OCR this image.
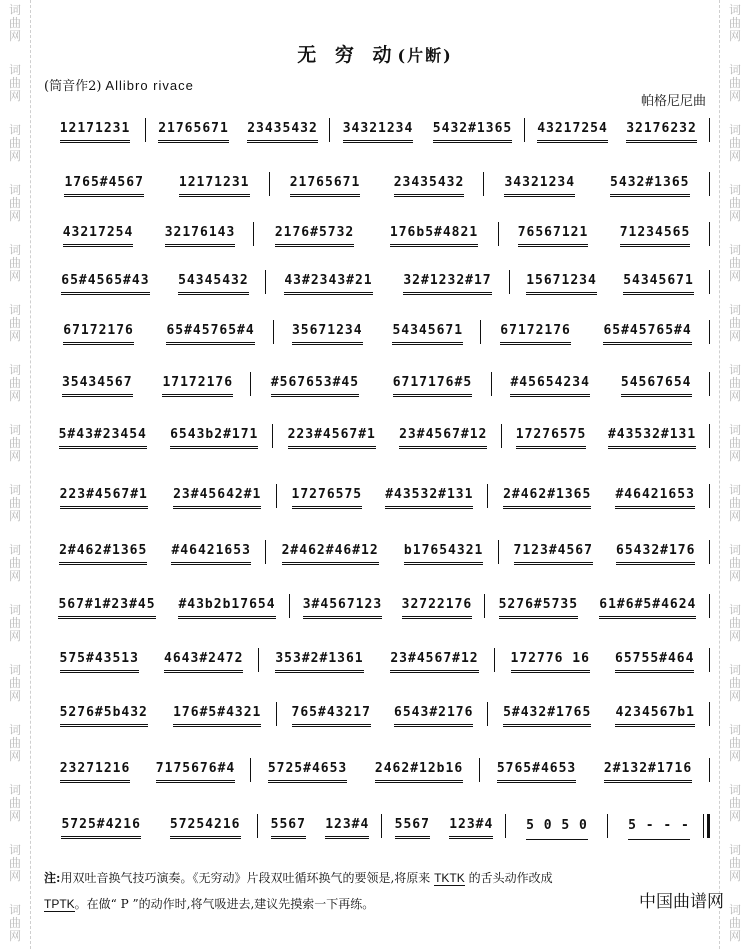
词
曲
网
词
曲
网
词
曲
网
词
曲
网
词
曲
网
词
曲
网
词
曲
网
词
曲
网
词
曲
网
词
曲
网
词
曲
网
词
曲
网
词
曲
网
词
曲
网
词
曲
网
词
曲
网
词
曲
网
词
曲
网
词
曲
网
词
曲
网
词
曲
网
词
曲
网
词
曲
网
词
曲
网
词
曲
网
词
曲
网
词
曲
网
词
曲
网
词
曲
网
词
曲
网
词
曲
网
词
曲
网
无 穷 动(片断)
(筒音作2) Allibro rivace
帕格尼尼曲
12171231 21765671 23435432 34321234 5432#1365 43217254 32176232
1765#4567	12171231	21765671	23435432	34321234	5432#1365
43217254 32176143	2176#5732	176b5#4821	76567121 71234565
65#4565#43 54345432	43#2343#21 32#1232#17	15671234 54345671
67172176	65#45765#4	35671234 54345671	67172176	65#45765#4
35434567 17172176	#567653#45	6717176#5	#45654234 54567654
5#43#23454 6543b2#171 223#4567#1 23#4567#12 17276575 #43532#131
223#4567#1 23#45642#1 17276575 #43532#131 2#462#1365 #46421653
2#462#1365 #46421653 2#462#46#12 b17654321 7123#4567 65432#176
567#1#23#45 #43b2b17654 3#4567123 32722176 5276#5735 61#6#5#4624
575#43513 4643#2472 353#2#1361 23#4567#12 172776 16 65755#464
5276#5b432 176#5#4321 765#43217 6543#2176 5#432#1765 4234567b1
23271216 7175676#4	5725#4653 2462#12b16	5765#4653 2#132#1716
5725#4216 57254216 5567 123#4 5567 123#4	5 0 5 0	5 - - -
注:用双吐音换气技巧演奏。《无穷动》片段双吐循环换气的要领是,将原来 TKTK 的舌头动作改成
TPTK。在做“ P ”的动作时,将气吸进去,建议先摸索一下再练。	中国曲谱网
